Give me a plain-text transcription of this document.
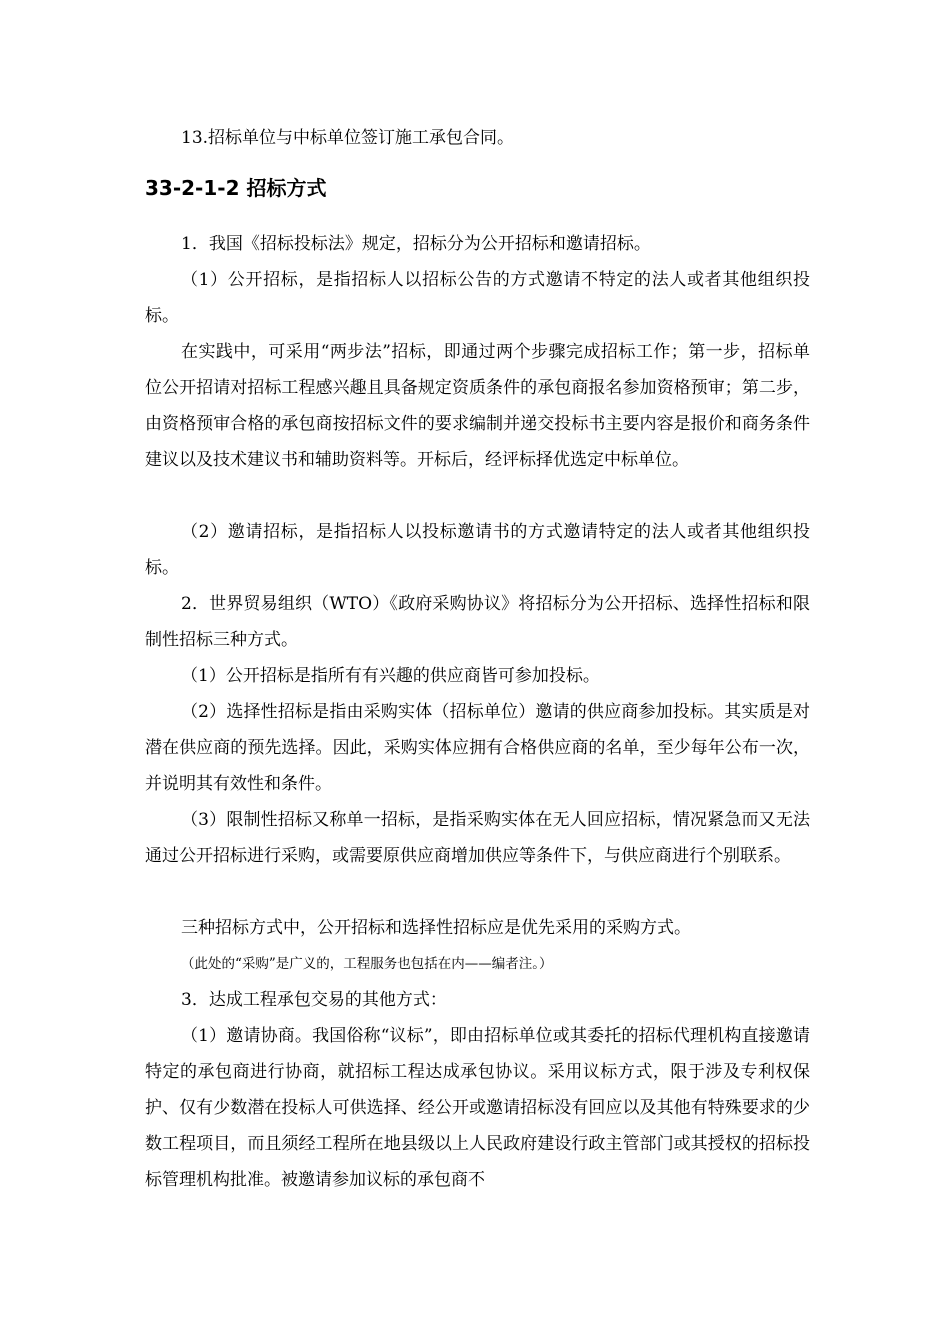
13.招标单位与中标单位签订施工承包合同。

33-2-1-2 招标方式

1．我国《招标投标法》规定，招标分为公开招标和邀请招标。

（1）公开招标，是指招标人以招标公告的方式邀请不特定的法人或者其他组织投标。

在实践中，可采用“两步法”招标，即通过两个步骤完成招标工作；第一步，招标单位公开招请对招标工程感兴趣且具备规定资质条件的承包商报名参加资格预审；第二步，由资格预审合格的承包商按招标文件的要求编制并递交投标书主要内容是报价和商务条件建议以及技术建议书和辅助资料等。开标后，经评标择优选定中标单位。

（2）邀请招标，是指招标人以投标邀请书的方式邀请特定的法人或者其他组织投标。

2．世界贸易组织（WTO）《政府采购协议》将招标分为公开招标、选择性招标和限制性招标三种方式。

（1）公开招标是指所有有兴趣的供应商皆可参加投标。

（2）选择性招标是指由采购实体（招标单位）邀请的供应商参加投标。其实质是对潜在供应商的预先选择。因此，采购实体应拥有合格供应商的名单，至少每年公布一次，并说明其有效性和条件。

（3）限制性招标又称单一招标，是指采购实体在无人回应招标，情况紧急而又无法通过公开招标进行采购，或需要原供应商增加供应等条件下，与供应商进行个别联系。

三种招标方式中，公开招标和选择性招标应是优先采用的采购方式。

（此处的“采购”是广义的，工程服务也包括在内——编者注。）

3．达成工程承包交易的其他方式：

（1）邀请协商。我国俗称“议标”，即由招标单位或其委托的招标代理机构直接邀请特定的承包商进行协商，就招标工程达成承包协议。采用议标方式，限于涉及专利权保护、仅有少数潜在投标人可供选择、经公开或邀请招标没有回应以及其他有特殊要求的少数工程项目，而且须经工程所在地县级以上人民政府建设行政主管部门或其授权的招标投标管理机构批准。被邀请参加议标的承包商不
